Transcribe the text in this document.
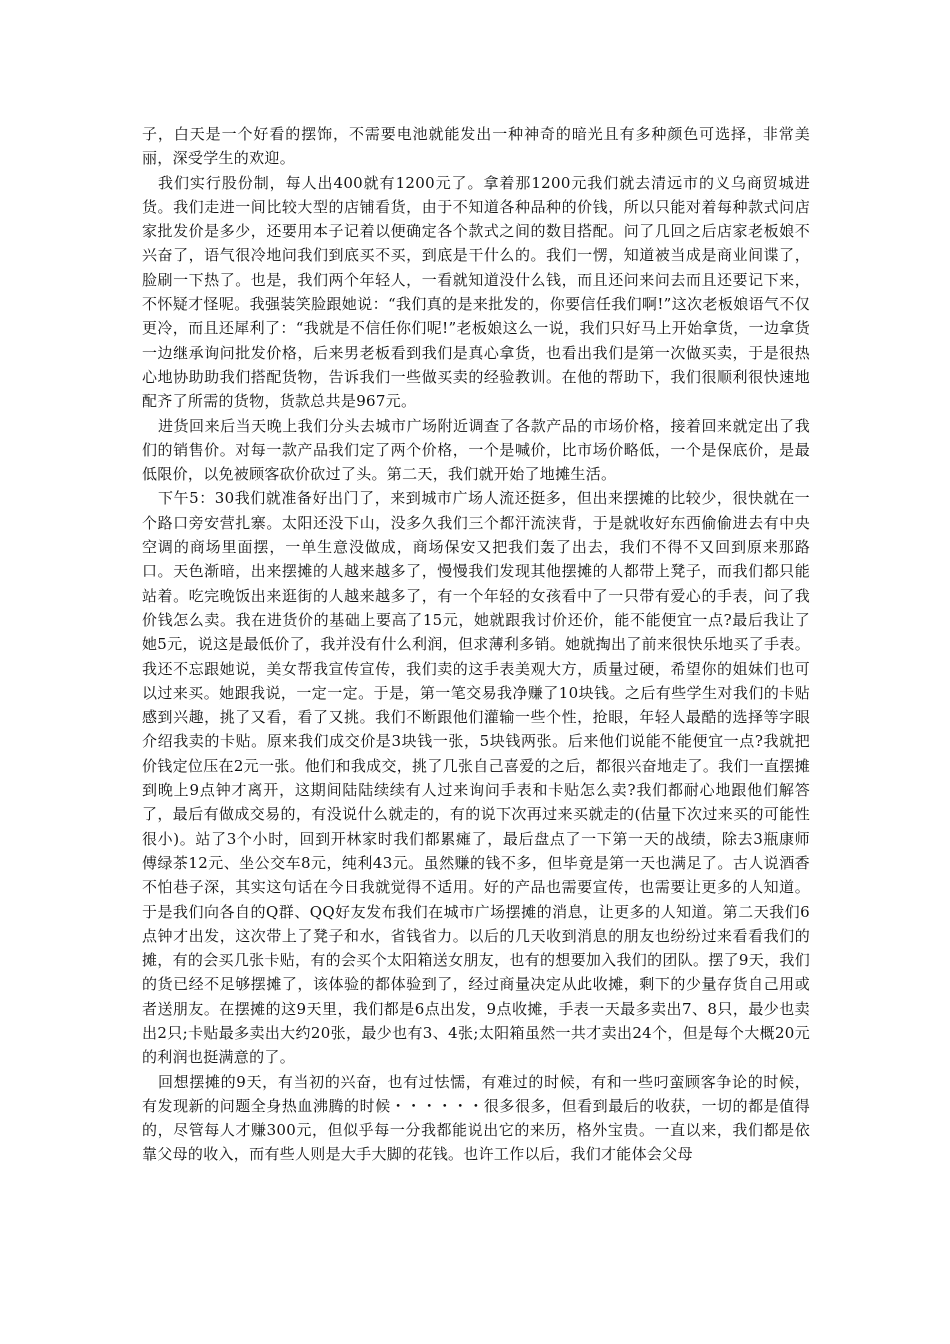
子，白天是一个好看的摆饰，不需要电池就能发出一种神奇的暗光且有多种颜色可选择，非常美丽，深受学生的欢迎。

我们实行股份制，每人出400就有1200元了。拿着那1200元我们就去清远市的义乌商贸城进货。我们走进一间比较大型的店铺看货，由于不知道各种品种的价钱，所以只能对着每种款式问店家批发价是多少，还要用本子记着以便确定各个款式之间的数目搭配。问了几回之后店家老板娘不兴奋了，语气很冷地问我们到底买不买，到底是干什么的。我们一愣，知道被当成是商业间谍了，脸刷一下热了。也是，我们两个年轻人，一看就知道没什么钱，而且还问来问去而且还要记下来，不怀疑才怪呢。我强装笑脸跟她说：“我们真的是来批发的，你要信任我们啊!”这次老板娘语气不仅更冷，而且还犀利了：“我就是不信任你们呢!”老板娘这么一说，我们只好马上开始拿货，一边拿货一边继承询问批发价格，后来男老板看到我们是真心拿货，也看出我们是第一次做买卖，于是很热心地协助助我们搭配货物，告诉我们一些做买卖的经验教训。在他的帮助下，我们很顺利很快速地配齐了所需的货物，货款总共是967元。

进货回来后当天晚上我们分头去城市广场附近调查了各款产品的市场价格，接着回来就定出了我们的销售价。对每一款产品我们定了两个价格，一个是喊价，比市场价略低，一个是保底价，是最低限价，以免被顾客砍价砍过了头。第二天，我们就开始了地摊生活。

下午5：30我们就准备好出门了，来到城市广场人流还挺多，但出来摆摊的比较少，很快就在一个路口旁安营扎寨。太阳还没下山，没多久我们三个都汗流浃背，于是就收好东西偷偷进去有中央空调的商场里面摆，一单生意没做成，商场保安又把我们轰了出去，我们不得不又回到原来那路口。天色渐暗，出来摆摊的人越来越多了，慢慢我们发现其他摆摊的人都带上凳子，而我们都只能站着。吃完晚饭出来逛街的人越来越多了，有一个年轻的女孩看中了一只带有爱心的手表，问了我价钱怎么卖。我在进货价的基础上要高了15元，她就跟我讨价还价，能不能便宜一点?最后我让了她5元，说这是最低价了，我并没有什么利润，但求薄利多销。她就掏出了前来很快乐地买了手表。我还不忘跟她说，美女帮我宣传宣传，我们卖的这手表美观大方，质量过硬，希望你的姐妹们也可以过来买。她跟我说，一定一定。于是，第一笔交易我净赚了10块钱。之后有些学生对我们的卡贴感到兴趣，挑了又看，看了又挑。我们不断跟他们灌输一些个性，抢眼，年轻人最酷的选择等字眼介绍我卖的卡贴。原来我们成交价是3块钱一张，5块钱两张。后来他们说能不能便宜一点?我就把价钱定位压在2元一张。他们和我成交，挑了几张自己喜爱的之后，都很兴奋地走了。我们一直摆摊到晚上9点钟才离开，这期间陆陆续续有人过来询问手表和卡贴怎么卖?我们都耐心地跟他们解答了，最后有做成交易的，有没说什么就走的，有的说下次再过来买就走的(估量下次过来买的可能性很小)。站了3个小时，回到开林家时我们都累瘫了，最后盘点了一下第一天的战绩，除去3瓶康师傅绿茶12元、坐公交车8元，纯利43元。虽然赚的钱不多，但毕竟是第一天也满足了。古人说酒香不怕巷子深，其实这句话在今日我就觉得不适用。好的产品也需要宣传，也需要让更多的人知道。于是我们向各自的Q群、QQ好友发布我们在城市广场摆摊的消息，让更多的人知道。第二天我们6点钟才出发，这次带上了凳子和水，省钱省力。以后的几天收到消息的朋友也纷纷过来看看我们的摊，有的会买几张卡贴，有的会买个太阳箱送女朋友，也有的想要加入我们的团队。摆了9天，我们的货已经不足够摆摊了，该体验的都体验到了，经过商量决定从此收摊，剩下的少量存货自己用或者送朋友。在摆摊的这9天里，我们都是6点出发，9点收摊，手表一天最多卖出7、8只，最少也卖出2只;卡贴最多卖出大约20张，最少也有3、4张;太阳箱虽然一共才卖出24个，但是每个大概20元的利润也挺满意的了。

回想摆摊的9天，有当初的兴奋，也有过怯懦，有难过的时候，有和一些叼蛮顾客争论的时候，有发现新的问题全身热血沸腾的时候・・・・・・很多很多，但看到最后的收获，一切的都是值得的，尽管每人才赚300元，但似乎每一分我都能说出它的来历，格外宝贵。一直以来，我们都是依靠父母的收入，而有些人则是大手大脚的花钱。也许工作以后，我们才能体会父母
